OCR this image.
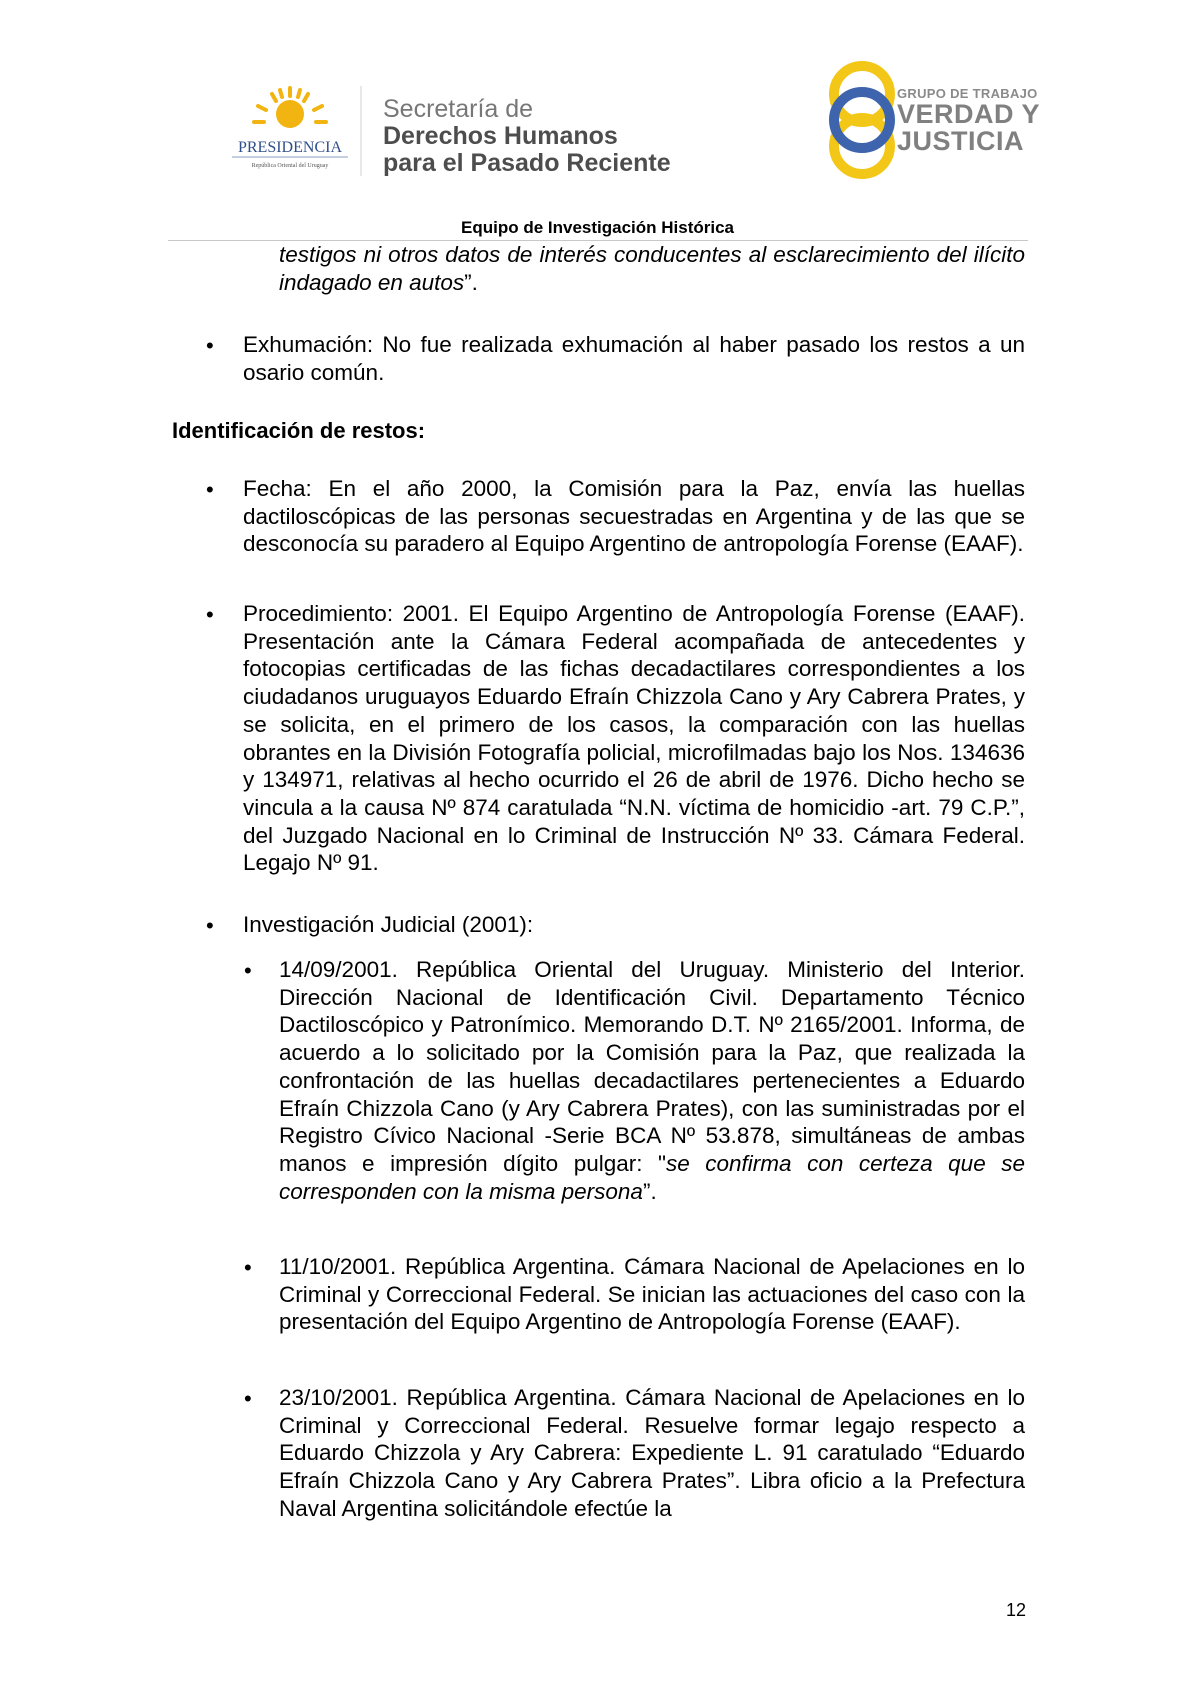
PRESIDENCIA
República Oriental del Uruguay
Secretaría de
Derechos Humanos
para el Pasado Reciente
GRUPO DE TRABAJO
VERDAD Y
JUSTICIA
Equipo de Investigación Histórica
testigos ni otros datos de interés conducentes al esclarecimiento del ilícito indagado en autos”.
• Exhumación: No fue realizada exhumación al haber pasado los restos a un osario común.
Identificación de restos:
• Fecha: En el año 2000, la Comisión para la Paz, envía las huellas dactiloscópicas de las personas secuestradas en Argentina y de las que se desconocía su paradero al Equipo Argentino de antropología Forense (EAAF).
• Procedimiento: 2001. El Equipo Argentino de Antropología Forense (EAAF). Presentación ante la Cámara Federal acompañada de antecedentes y fotocopias certificadas de las fichas decadactilares correspondientes a los ciudadanos uruguayos Eduardo Efraín Chizzola Cano y Ary Cabrera Prates, y se solicita, en el primero de los casos, la comparación con las huellas obrantes en la División Fotografía policial, microfilmadas bajo los Nos. 134636 y 134971, relativas al hecho ocurrido el 26 de abril de 1976. Dicho hecho se vincula a la causa Nº 874 caratulada “N.N. víctima de homicidio -art. 79 C.P.”, del Juzgado Nacional en lo Criminal de Instrucción Nº 33. Cámara Federal. Legajo Nº 91.
• Investigación Judicial (2001):
• 14/09/2001. República Oriental del Uruguay. Ministerio del Interior. Dirección Nacional de Identificación Civil. Departamento Técnico Dactiloscópico y Patronímico. Memorando D.T. Nº 2165/2001. Informa, de acuerdo a lo solicitado por la Comisión para la Paz, que realizada la confrontación de las huellas decadactilares pertenecientes a Eduardo Efraín Chizzola Cano (y Ary Cabrera Prates), con las suministradas por el Registro Cívico Nacional -Serie BCA Nº 53.878, simultáneas de ambas manos e impresión dígito pulgar: "se confirma con certeza que se corresponden con la misma persona”.
• 11/10/2001. República Argentina. Cámara Nacional de Apelaciones en lo Criminal y Correccional Federal. Se inician las actuaciones del caso con la presentación del Equipo Argentino de Antropología Forense (EAAF).
• 23/10/2001. República Argentina. Cámara Nacional de Apelaciones en lo Criminal y Correccional Federal. Resuelve formar legajo respecto a Eduardo Chizzola y Ary Cabrera: Expediente L. 91 caratulado “Eduardo Efraín Chizzola Cano y Ary Cabrera Prates”. Libra oficio a la Prefectura Naval Argentina solicitándole efectúe la
12
